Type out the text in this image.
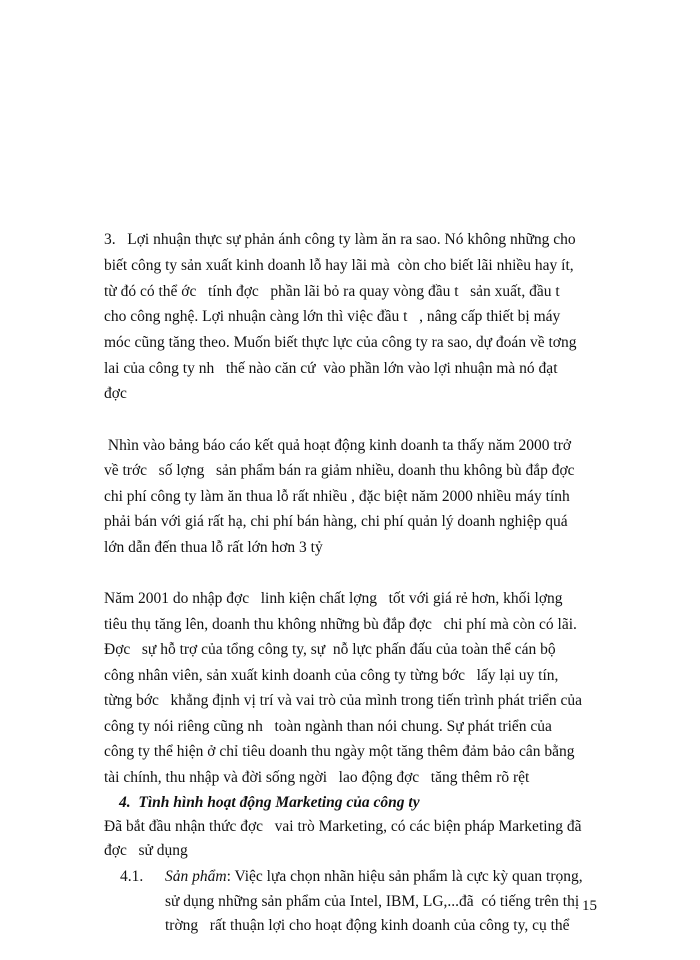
3.   Lợi nhuận thực sự phản ánh công ty làm ăn ra sao. Nó không những cho
biết công ty sản xuất kinh doanh lỗ hay lãi mà  còn cho biết lãi nhiều hay ít,
từ đó có thể ớc   tính đợc   phần lãi bỏ ra quay vòng đầu t   sản xuất, đầu t
cho công nghệ. Lợi nhuận càng lớn thì việc đầu t   , nâng cấp thiết bị máy
móc cũng tăng theo. Muốn biết thực lực của công ty ra sao, dự đoán về tơng
lai của công ty nh   thế nào căn cứ  vào phần lớn vào lợi nhuận mà nó đạt
đợc
Nhìn vào bảng báo cáo kết quả hoạt động kinh doanh ta thấy năm 2000 trở
về trớc   số lợng   sản phẩm bán ra giảm nhiều, doanh thu không bù đắp đợc
chi phí công ty làm ăn thua lỗ rất nhiều , đặc biệt năm 2000 nhiều máy tính
phải bán với giá rất hạ, chi phí bán hàng, chi phí quản lý doanh nghiệp quá
lớn dẫn đến thua lỗ rất lớn hơn 3 tỷ
Năm 2001 do nhập đợc   linh kiện chất lợng   tốt với giá rẻ hơn, khối lợng
tiêu thụ tăng lên, doanh thu không những bù đắp đợc   chi phí mà còn có lãi.
Đợc   sự hỗ trợ của tổng công ty, sự  nỗ lực phấn đấu của toàn thể cán bộ
công nhân viên, sản xuất kinh doanh của công ty từng bớc   lấy lại uy tín,
từng bớc   khẳng định vị trí và vai trò của mình trong tiến trình phát triển của
công ty nói riêng cũng nh   toàn ngành than nói chung. Sự phát triển của
công ty thể hiện ở chỉ tiêu doanh thu ngày một tăng thêm đảm bảo cân bằng
tài chính, thu nhập và đời sống ngời   lao động đợc   tăng thêm rõ rệt
4.  Tình hình hoạt động Marketing của công ty
Đã bắt đầu nhận thức đợc   vai trò Marketing, có các biện pháp Marketing đã
đợc   sử dụng
4.1. Sản phẩm: Việc lựa chọn nhãn hiệu sản phẩm là cực kỳ quan trọng,
sử dụng những sản phẩm của Intel, IBM, LG,...đã  có tiếng trên thị
trờng   rất thuận lợi cho hoạt động kinh doanh của công ty, cụ thể
15
